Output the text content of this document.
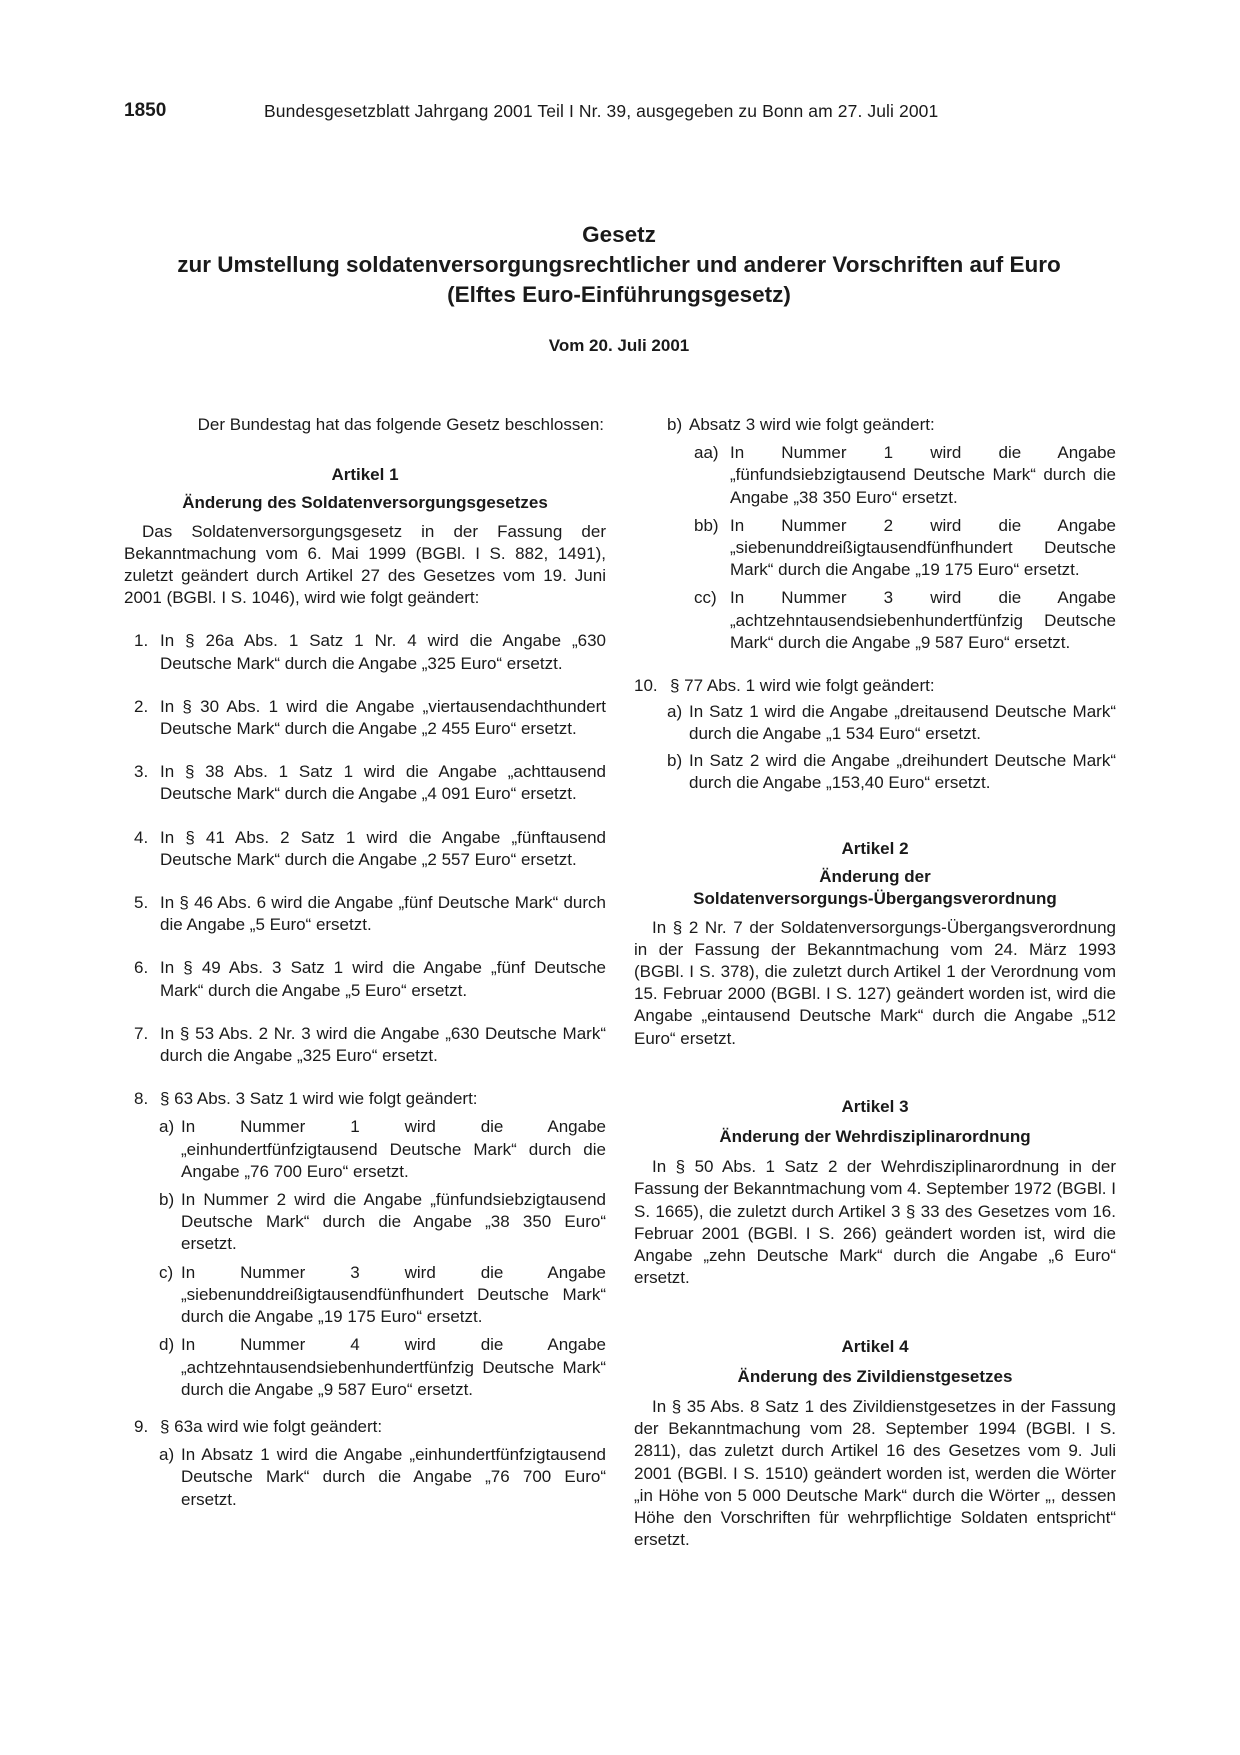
1850	Bundesgesetzblatt Jahrgang 2001 Teil I Nr. 39, ausgegeben zu Bonn am 27. Juli 2001
Gesetz
zur Umstellung soldatenversorgungsrechtlicher und anderer Vorschriften auf Euro
(Elftes Euro-Einführungsgesetz)
Vom 20. Juli 2001

Der Bundestag hat das folgende Gesetz beschlossen:

Artikel 1

Änderung des Soldatenversorgungsgesetzes

Das Soldatenversorgungsgesetz in der Fassung der Bekanntmachung vom 6. Mai 1999 (BGBl. I S. 882, 1491), zuletzt geändert durch Artikel 27 des Gesetzes vom 19. Juni 2001 (BGBl. I S. 1046), wird wie folgt geändert:

1. In § 26a Abs. 1 Satz 1 Nr. 4 wird die Angabe „630 Deutsche Mark“ durch die Angabe „325 Euro“ ersetzt.
2. In § 30 Abs. 1 wird die Angabe „viertausendachthundert Deutsche Mark“ durch die Angabe „2 455 Euro“ ersetzt.
3. In § 38 Abs. 1 Satz 1 wird die Angabe „achttausend Deutsche Mark“ durch die Angabe „4 091 Euro“ ersetzt.
4. In § 41 Abs. 2 Satz 1 wird die Angabe „fünftausend Deutsche Mark“ durch die Angabe „2 557 Euro“ ersetzt.
5. In § 46 Abs. 6 wird die Angabe „fünf Deutsche Mark“ durch die Angabe „5 Euro“ ersetzt.
6. In § 49 Abs. 3 Satz 1 wird die Angabe „fünf Deutsche Mark“ durch die Angabe „5 Euro“ ersetzt.
7. In § 53 Abs. 2 Nr. 3 wird die Angabe „630 Deutsche Mark“ durch die Angabe „325 Euro“ ersetzt.
8. § 63 Abs. 3 Satz 1 wird wie folgt geändert:
a) In Nummer 1 wird die Angabe „einhundertfünfzigtausend Deutsche Mark“ durch die Angabe „76 700 Euro“ ersetzt.
b) In Nummer 2 wird die Angabe „fünfundsiebzigtausend Deutsche Mark“ durch die Angabe „38 350 Euro“ ersetzt.
c) In Nummer 3 wird die Angabe „siebenunddreißigtausendfünfhundert Deutsche Mark“ durch die Angabe „19 175 Euro“ ersetzt.
d) In Nummer 4 wird die Angabe „achtzehntausendsiebenhundertfünfzig Deutsche Mark“ durch die Angabe „9 587 Euro“ ersetzt.
9. § 63a wird wie folgt geändert:
a) In Absatz 1 wird die Angabe „einhundertfünfzigtausend Deutsche Mark“ durch die Angabe „76 700 Euro“ ersetzt.
b) Absatz 3 wird wie folgt geändert:
aa) In Nummer 1 wird die Angabe „fünfundsiebzigtausend Deutsche Mark“ durch die Angabe „38 350 Euro“ ersetzt.
bb) In Nummer 2 wird die Angabe „siebenunddreißigtausendfünfhundert Deutsche Mark“ durch die Angabe „19 175 Euro“ ersetzt.
cc) In Nummer 3 wird die Angabe „achtzehntausendsiebenhundertfünfzig Deutsche Mark“ durch die Angabe „9 587 Euro“ ersetzt.
10. § 77 Abs. 1 wird wie folgt geändert:
a) In Satz 1 wird die Angabe „dreitausend Deutsche Mark“ durch die Angabe „1 534 Euro“ ersetzt.
b) In Satz 2 wird die Angabe „dreihundert Deutsche Mark“ durch die Angabe „153,40 Euro“ ersetzt.

Artikel 2

Änderung der

Soldatenversorgungs-Übergangsverordnung

In § 2 Nr. 7 der Soldatenversorgungs-Übergangsverordnung in der Fassung der Bekanntmachung vom 24. März 1993 (BGBl. I S. 378), die zuletzt durch Artikel 1 der Verordnung vom 15. Februar 2000 (BGBl. I S. 127) geändert worden ist, wird die Angabe „eintausend Deutsche Mark“ durch die Angabe „512 Euro“ ersetzt.

Artikel 3

Änderung der Wehrdisziplinarordnung

In § 50 Abs. 1 Satz 2 der Wehrdisziplinarordnung in der Fassung der Bekanntmachung vom 4. September 1972 (BGBl. I S. 1665), die zuletzt durch Artikel 3 § 33 des Gesetzes vom 16. Februar 2001 (BGBl. I S. 266) geändert worden ist, wird die Angabe „zehn Deutsche Mark“ durch die Angabe „6 Euro“ ersetzt.

Artikel 4

Änderung des Zivildienstgesetzes

In § 35 Abs. 8 Satz 1 des Zivildienstgesetzes in der Fassung der Bekanntmachung vom 28. September 1994 (BGBl. I S. 2811), das zuletzt durch Artikel 16 des Gesetzes vom 9. Juli 2001 (BGBl. I S. 1510) geändert worden ist, werden die Wörter „in Höhe von 5 000 Deutsche Mark“ durch die Wörter „, dessen Höhe den Vorschriften für wehrpflichtige Soldaten entspricht“ ersetzt.
